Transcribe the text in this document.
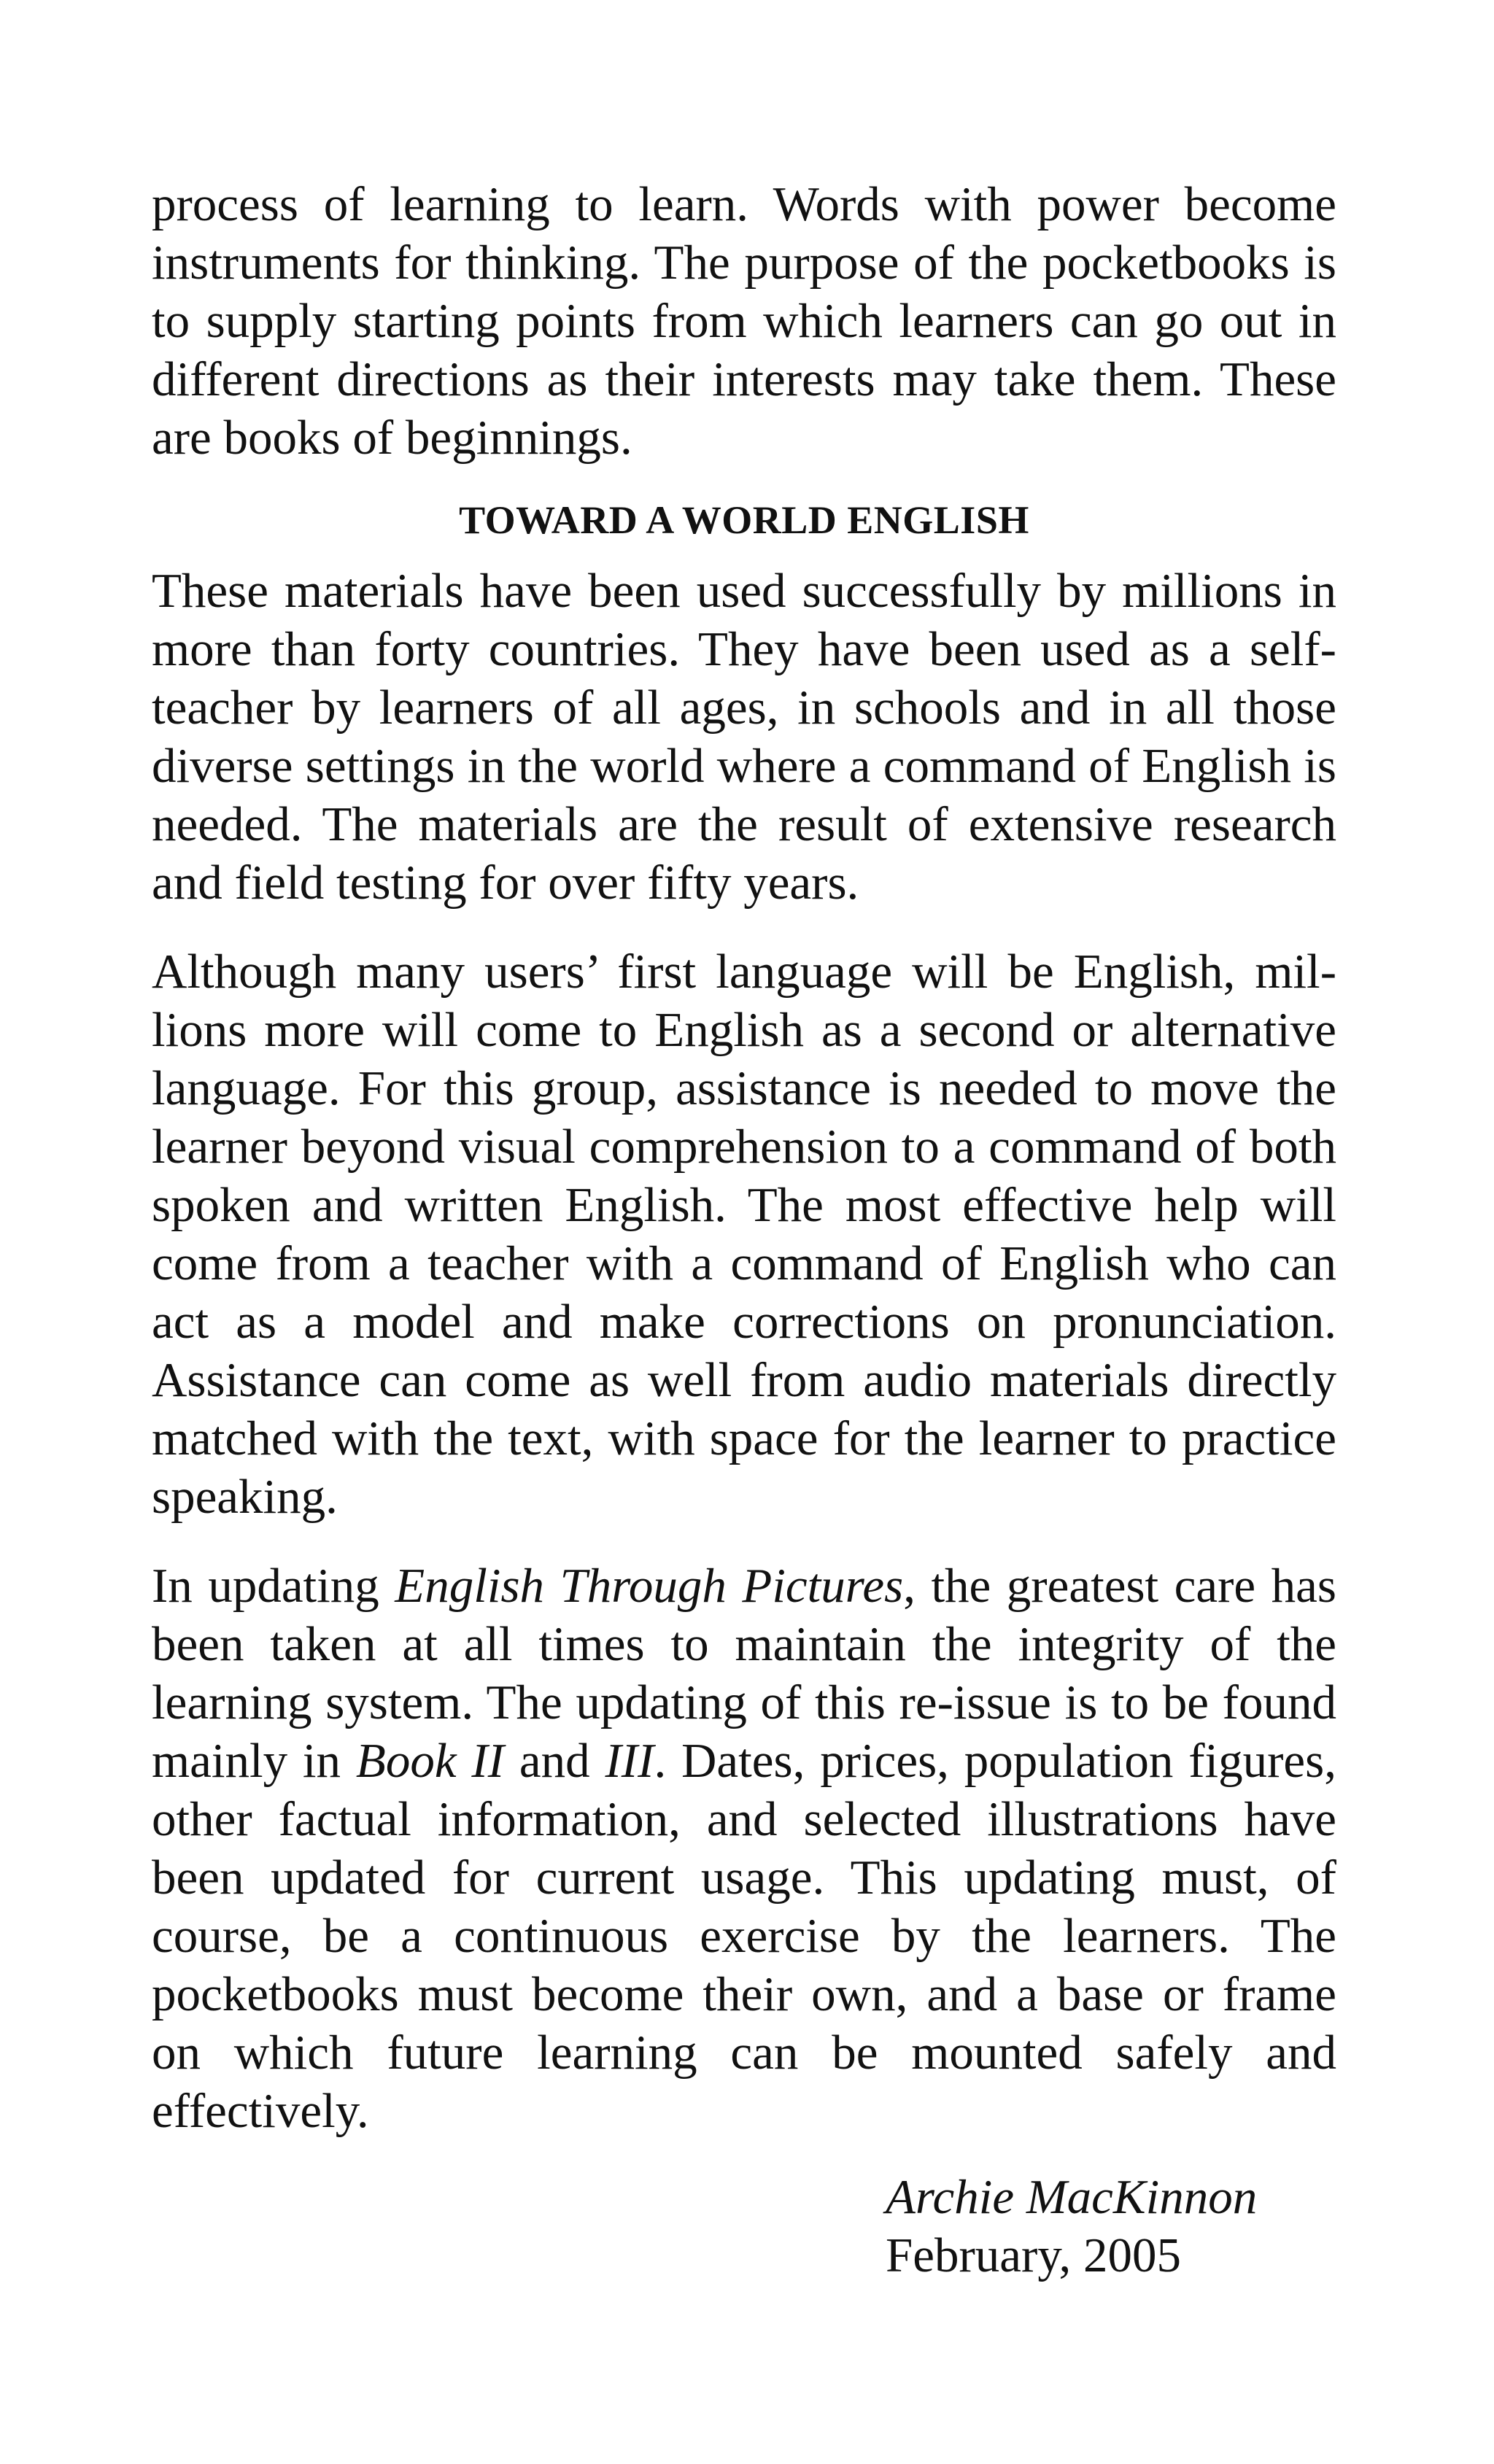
process of learning to learn. Words with power become instruments for thinking. The purpose of the pocketbooks is to supply starting points from which learners can go out in different directions as their interests may take them. These are books of beginnings.

TOWARD A WORLD ENGLISH

These materials have been used successfully by millions in more than forty countries. They have been used as a self-teacher by learners of all ages, in schools and in all those diverse settings in the world where a command of English is needed. The materials are the result of extensive research and field testing for over fifty years.

Although many users’ first language will be English, millions more will come to English as a second or alternative language. For this group, assistance is needed to move the learner beyond visual comprehension to a command of both spoken and written English. The most effective help will come from a teacher with a command of English who can act as a model and make corrections on pronunciation. Assistance can come as well from audio materials directly matched with the text, with space for the learner to practice speaking.

In updating English Through Pictures, the greatest care has been taken at all times to maintain the integrity of the learning system. The updating of this re-issue is to be found mainly in Book II and III. Dates, prices, population figures, other factual information, and selected illustrations have been updated for current usage. This updating must, of course, be a continuous exercise by the learners. The pocketbooks must become their own, and a base or frame on which future learning can be mounted safely and effectively.

Archie MacKinnon
February, 2005
